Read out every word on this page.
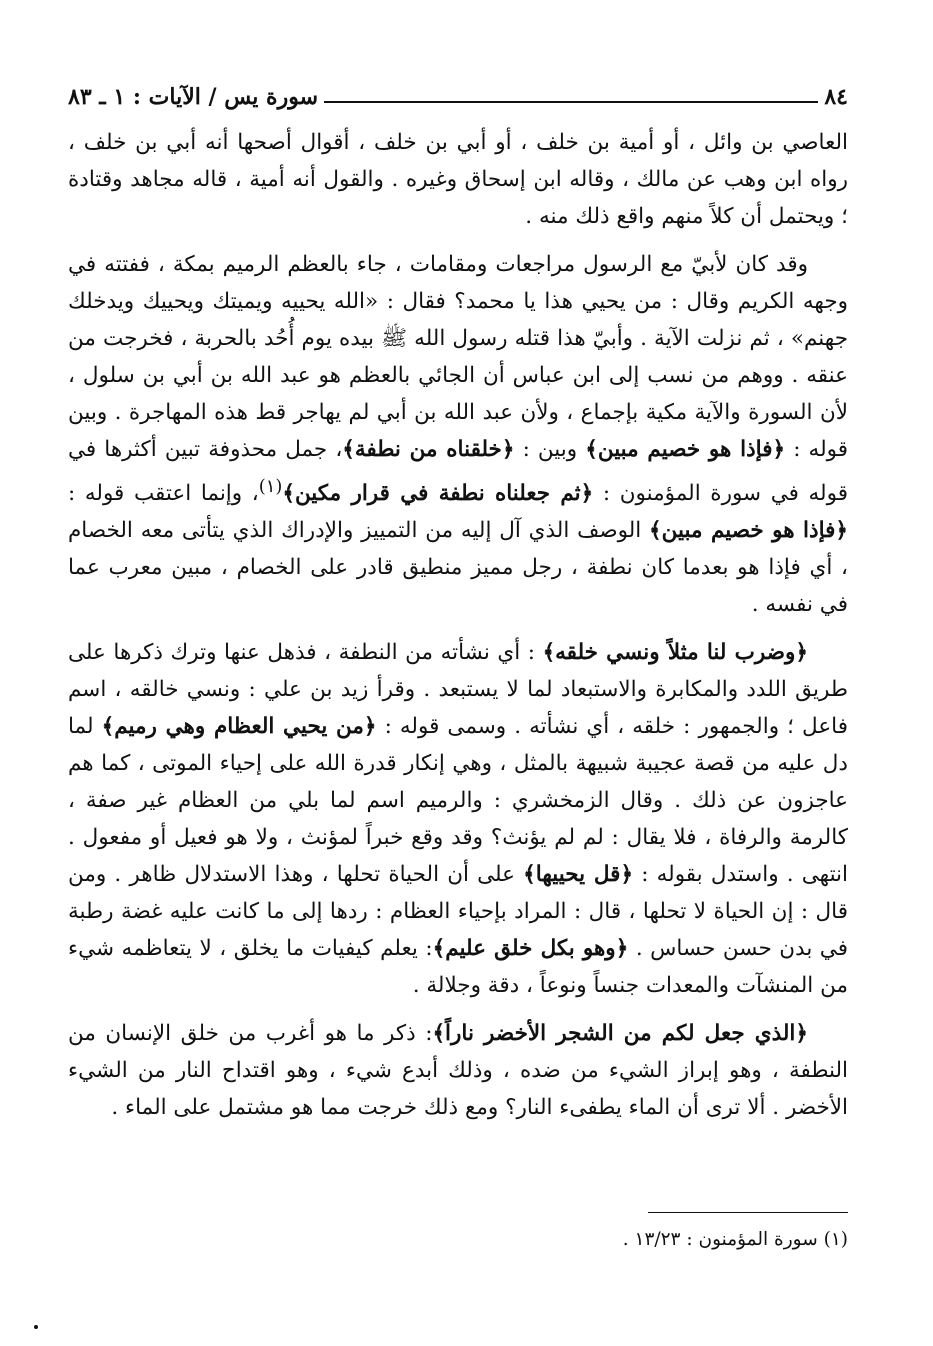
٨٤
سورة يس / الآيات : ١ ـ ٨٣

العاصي بن وائل ، أو أمية بن خلف ، أو أبي بن خلف ، أقوال أصحها أنه أبي بن خلف ، رواه ابن وهب عن مالك ، وقاله ابن إسحاق وغيره . والقول أنه أمية ، قاله مجاهد وقتادة ؛ ويحتمل أن كلاً منهم واقع ذلك منه .

وقد كان لأبيّ مع الرسول مراجعات ومقامات ، جاء بالعظم الرميم بمكة ، ففتته في وجهه الكريم وقال : من يحيي هذا يا محمد؟ فقال : «الله يحييه ويميتك ويحييك ويدخلك جهنم» ، ثم نزلت الآية . وأبيّ هذا قتله رسول الله ﷺ بيده يوم أُحُد بالحربة ، فخرجت من عنقه . ووهم من نسب إلى ابن عباس أن الجائي بالعظم هو عبد الله بن أبي بن سلول ، لأن السورة والآية مكية بإجماع ، ولأن عبد الله بن أبي لم يهاجر قط هذه المهاجرة . وبين قوله : ﴿فإذا هو خصيم مبين﴾ وبين : ﴿خلقناه من نطفة﴾، جمل محذوفة تبين أكثرها في قوله في سورة المؤمنون : ﴿ثم جعلناه نطفة في قرار مكين﴾$^{(١)}$، وإنما اعتقب قوله : ﴿فإذا هو خصيم مبين﴾ الوصف الذي آل إليه من التمييز والإدراك الذي يتأتى معه الخصام ، أي فإذا هو بعدما كان نطفة ، رجل مميز منطيق قادر على الخصام ، مبين معرب عما في نفسه .

﴿وضرب لنا مثلاً ونسي خلقه﴾ : أي نشأته من النطفة ، فذهل عنها وترك ذكرها على طريق اللدد والمكابرة والاستبعاد لما لا يستبعد . وقرأ زيد بن علي : ونسي خالقه ، اسم فاعل ؛ والجمهور : خلقه ، أي نشأته . وسمى قوله : ﴿من يحيي العظام وهي رميم﴾ لما دل عليه من قصة عجيبة شبيهة بالمثل ، وهي إنكار قدرة الله على إحياء الموتى ، كما هم عاجزون عن ذلك . وقال الزمخشري : والرميم اسم لما بلي من العظام غير صفة ، كالرمة والرفاة ، فلا يقال : لم لم يؤنث؟ وقد وقع خبراً لمؤنث ، ولا هو فعيل أو مفعول . انتهى . واستدل بقوله : ﴿قل يحييها﴾ على أن الحياة تحلها ، وهذا الاستدلال ظاهر . ومن قال : إن الحياة لا تحلها ، قال : المراد بإحياء العظام : ردها إلى ما كانت عليه غضة رطبة في بدن حسن حساس . ﴿وهو بكل خلق عليم﴾: يعلم كيفيات ما يخلق ، لا يتعاظمه شيء من المنشآت والمعدات جنساً ونوعاً ، دقة وجلالة .

﴿الذي جعل لكم من الشجر الأخضر ناراً﴾: ذكر ما هو أغرب من خلق الإنسان من النطفة ، وهو إبراز الشيء من ضده ، وذلك أبدع شيء ، وهو اقتداح النار من الشيء الأخضر . ألا ترى أن الماء يطفىء النار؟ ومع ذلك خرجت مما هو مشتمل على الماء .

(١) سورة المؤمنون : ١٣/٢٣ .
